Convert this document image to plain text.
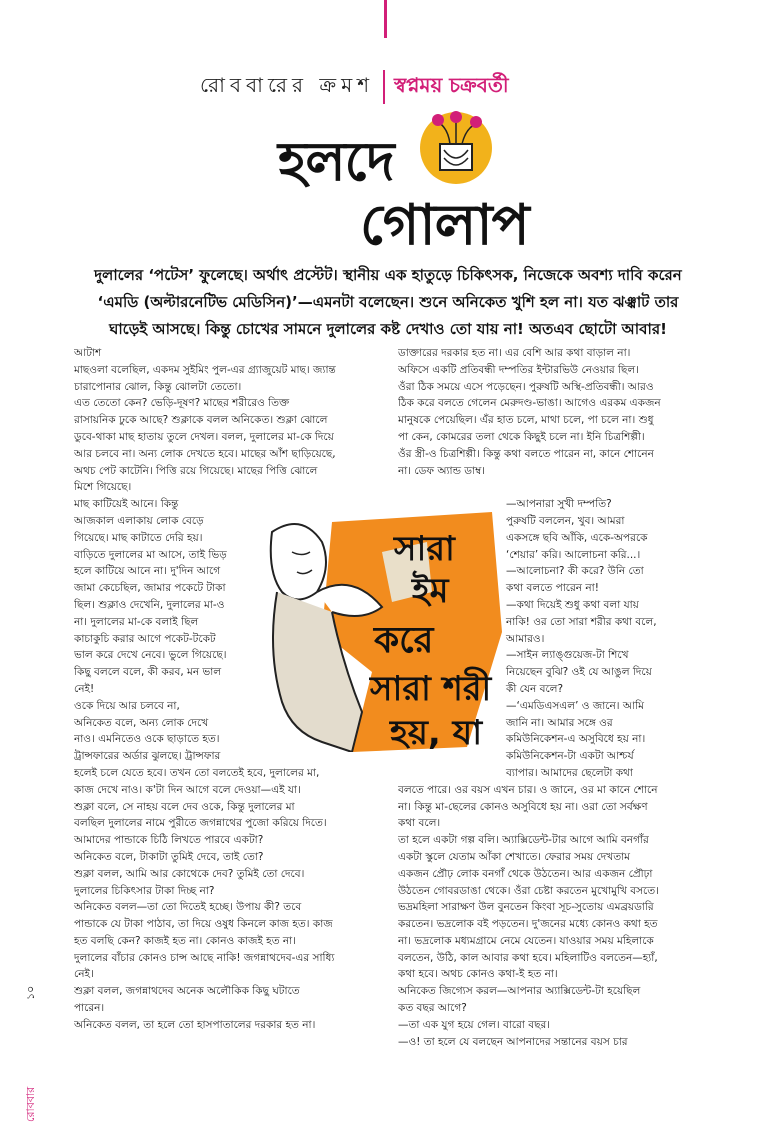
রোববারের ক্রমশ স্বপ্নময় চক্রবর্তী
হলদে
গোলাপ
দুলালের ‘পটেস’ ফুলেছে। অর্থাৎ প্রস্টেট। স্থানীয় এক হাতুড়ে চিকিৎসক, নিজেকে অবশ্য দাবি করেন
‘এমডি (অল্টারনেটিভ মেডিসিন)’—এমনটা বলেছেন। শুনে অনিকেত খুশি হল না। যত ঝঞ্ঝাট তার
ঘাড়েই আসছে। কিন্তু চোখের সামনে দুলালের কষ্ট দেখাও তো যায় না! অতএব ছোটো আবার!
আটাশ
মাছওলা বলেছিল, একদম সুইমিং পুল-এর গ্র্যাজুয়েট মাছ। জ্যান্ত
চারাপোনার ঝোল, কিন্তু ঝোলটা তেতো।
এত তেতো কেন? ভেড়ি-দূষণ? মাছের শরীরেও তিক্ত
রাসায়নিক ঢুকে আছে? শুক্লাকে বলল অনিকেত। শুক্লা ঝোলে
ডুবে-থাকা মাছ হাতায় তুলে দেখল। বলল, দুলালের মা-কে দিয়ে
আর চলবে না। অন্য লোক দেখতে হবে। মাছের আঁশ ছাড়িয়েছে,
অথচ পেট কাটেনি। পিত্তি রয়ে গিয়েছে। মাছের পিত্তি ঝোলে
মিশে গিয়েছে।
মাছ কাটিয়েই আনে। কিন্তু
আজকাল এলাকায় লোক বেড়ে
গিয়েছে। মাছ কাটাতে দেরি হয়।
বাড়িতে দুলালের মা আসে, তাই ভিড়
হলে কাটিয়ে আনে না। দু'দিন আগে
জামা কেচেছিল, জামার পকেটে টাকা
ছিল। শুক্লাও দেখেনি, দুলালের মা-ও
না। দুলালের মা-কে বলাই ছিল
কাচাকুচি করার আগে পকেট-টকেট
ভাল করে দেখে নেবে। ভুলে গিয়েছে।
কিছু বললে বলে, কী করব, মন ভাল
নেই!
ওকে দিয়ে আর চলবে না,
অনিকেত বলে, অন্য লোক দেখে
নাও। এমনিতেও ওকে ছাড়াতে হত।
ট্রান্সফারের অর্ডার ঝুলছে। ট্রান্সফার
হলেই চলে যেতে হবে। তখন তো বলতেই হবে, দুলালের মা,
কাজ দেখে নাও। ক'টা দিন আগে বলে দেওয়া—এই যা।
শুক্লা বলে, সে নাহয় বলে দেব ওকে, কিন্তু দুলালের মা
বলছিল দুলালের নামে পুরীতে জগন্নাথের পুজো করিয়ে দিতে।
আমাদের পান্ডাকে চিঠি লিখতে পারবে একটা?
অনিকেত বলে, টাকাটা তুমিই দেবে, তাই তো?
শুক্লা বলল, আমি আর কোথেকে দেব? তুমিই তো দেবে।
দুলালের চিকিৎসার টাকা দিচ্ছ না?
অনিকেত বলল—তা তো দিতেই হচ্ছে। উপায় কী? তবে
পান্ডাকে যে টাকা পাঠাব, তা দিয়ে ওষুধ কিনলে কাজ হত। কাজ
হত বলছি কেন? কাজই হত না। কোনও কাজই হত না।
দুলালের বাঁচার কোনও চান্স আছে নাকি! জগন্নাথদেব-এর সাধ্যি
নেই।
শুক্লা বলল, জগন্নাথদেব অনেক অলৌকিক কিছু ঘটাতে
পারেন।
অনিকেত বলল, তা হলে তো হাসপাতালের দরকার হত না।
ডাক্তারের দরকার হত না। এর বেশি আর কথা বাড়াল না।
অফিসে একটি প্রতিবন্ধী দম্পতির ইন্টারভিউ নেওয়ার ছিল।
ওঁরা ঠিক সময়ে এসে পড়েছেন। পুরুষটি অস্থি-প্রতিবন্ধী। আরও
ঠিক করে বলতে গেলেন মেরুদণ্ড-ভাঙা। আগেও এরকম একজন
মানুষকে পেয়েছিল। এঁর হাত চলে, মাথা চলে, পা চলে না। শুধু
পা কেন, কোমরের তলা থেকে কিছুই চলে না। ইনি চিত্রশিল্পী।
ওঁর স্ত্রী-ও চিত্রশিল্পী। কিন্তু কথা বলতে পারেন না, কানে শোনেন
না। ডেফ অ্যান্ড ডাম্ব।

—আপনারা সুখী দম্পতি?
পুরুষটি বললেন, খুব। আমরা
একসঙ্গে ছবি আঁকি, একে-অপরকে
‘শেয়ার’ করি। আলোচনা করি...।
—আলোচনা? কী করে? উনি তো
কথা বলতে পারেন না!
—কথা দিয়েই শুধু কথা বলা যায়
নাকি! ওর তো সারা শরীর কথা বলে,
আমারও।
—সাইন ল্যাঙ্গুয়েজ-টা শিখে
নিয়েছেন বুঝি? ওই যে আঙুল দিয়ে
কী যেন বলে?
—‘এমডিএসএল’ ও জানে। আমি
জানি না। আমার সঙ্গে ওর
কমিউনিকেশন-এ অসুবিধে হয় না।
কমিউনিকেশন-টা একটা আশ্চর্য
ব্যাপার। আমাদের ছেলেটা কথা
বলতে পারে। ওর বয়স এখন চার। ও জানে, ওর মা কানে শোনে
না। কিন্তু মা-ছেলের কোনও অসুবিধে হয় না। ওরা তো সর্বক্ষণ
কথা বলে।
তা হলে একটা গল্প বলি। অ্যাক্সিডেন্ট-টার আগে আমি বনগাঁর
একটা স্কুলে যেতাম আঁকা শেখাতে। ফেরার সময় দেখতাম
একজন প্রৌঢ় লোক বনগাঁ থেকে উঠতেন। আর একজন প্রৌঢ়া
উঠতেন গোবরডাঙা থেকে। ওঁরা চেষ্টা করতেন মুখোমুখি বসতে।
ভদ্রমহিলা সারাক্ষণ উল বুনতেন কিংবা সূচ-সুতোয় এমব্রয়ডারি
করতেন। ভদ্রলোক বই পড়তেন। দু'জনের মধ্যে কোনও কথা হত
না। ভদ্রলোক মধ্যমগ্রামে নেমে যেতেন। যাওয়ার সময় মহিলাকে
বলতেন, উঠি, কাল আবার কথা হবে। মহিলাটিও বলতেন—হ্যাঁ,
কথা হবে। অথচ কোনও কথা-ই হত না।
অনিকেত জিগ্যেস করল—আপনার অ্যাক্সিডেন্ট-টা হয়েছিল
কত বছর আগে?
—তা এক যুগ হয়ে গেল। বারো বছর।
—ও! তা হলে যে বলছেন আপনাদের সন্তানের বয়স চার
সারা
ইম
করে
সারা শরী
হয়, যা
১০
রোববার
